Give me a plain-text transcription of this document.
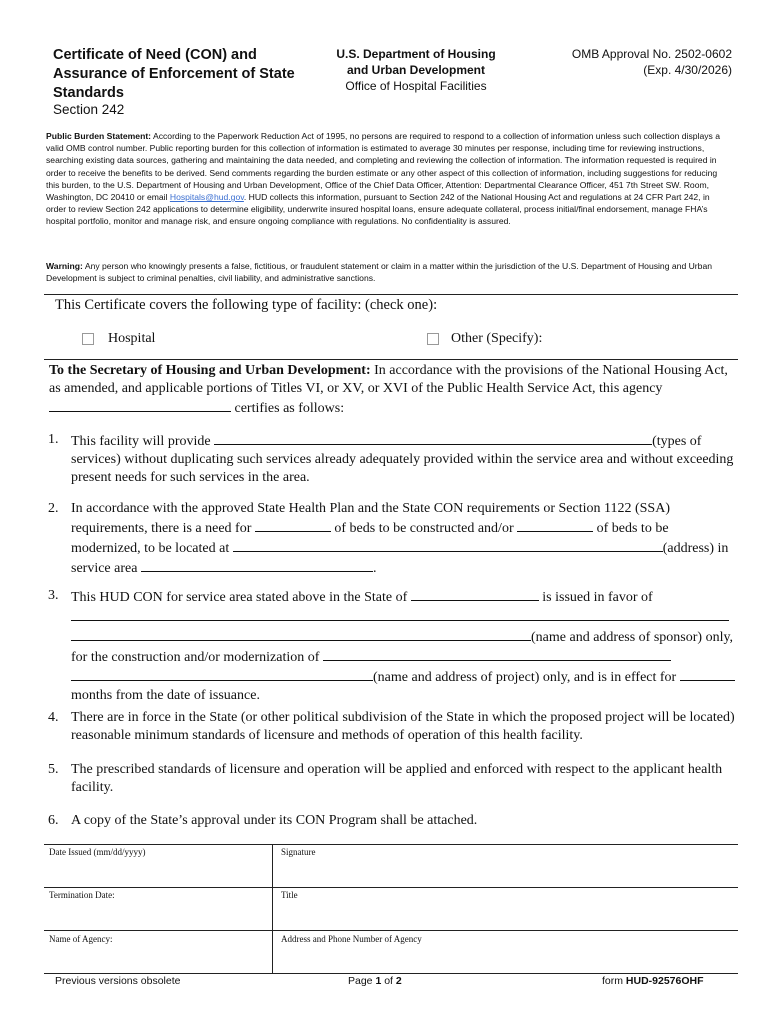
Certificate of Need (CON) and Assurance of Enforcement of State Standards
Section 242
U.S. Department of Housing
and Urban Development
Office of Hospital Facilities
OMB Approval No. 2502-0602
(Exp. 4/30/2026)
Public Burden Statement: According to the Paperwork Reduction Act of 1995, no persons are required to respond to a collection of information unless such collection displays a valid OMB control number. Public reporting burden for this collection of information is estimated to average 30 minutes per response, including time for reviewing instructions, searching existing data sources, gathering and maintaining the data needed, and completing and reviewing the collection of information. The information requested is required in order to receive the benefits to be derived. Send comments regarding the burden estimate or any other aspect of this collection of information, including suggestions for reducing this burden, to the U.S. Department of Housing and Urban Development, Office of the Chief Data Officer, Attention: Departmental Clearance Officer, 451 7th Street SW. Room, Washington, DC 20410 or email Hospitals@hud.gov. HUD collects this information, pursuant to Section 242 of the National Housing Act and regulations at 24 CFR Part 242, in order to review Section 242 applications to determine eligibility, underwrite insured hospital loans, ensure adequate collateral, process initial/final endorsement, manage FHA’s hospital portfolio, monitor and manage risk, and ensure ongoing compliance with regulations. No confidentiality is assured.
Warning: Any person who knowingly presents a false, fictitious, or fraudulent statement or claim in a matter within the jurisdiction of the U.S. Department of Housing and Urban Development is subject to criminal penalties, civil liability, and administrative sanctions.
This Certificate covers the following type of facility: (check one):
Hospital	Other (Specify):
To the Secretary of Housing and Urban Development: In accordance with the provisions of the National Housing Act, as amended, and applicable portions of Titles VI, or XV, or XVI of the Public Health Service Act, this agency  certifies as follows:
1. This facility will provide	(types of services) without duplicating such services already adequately provided within the service area and without exceeding present needs for such services in the area.
2. In accordance with the approved State Health Plan and the State CON requirements or Section 1122 (SSA) requirements, there is a need for	of beds to be constructed and/or	of beds to be modernized, to be located at	(address) in service area	.
3. This HUD CON for service area stated above in the State of	is issued in favor of  (name and address of sponsor) only, for the construction and/or modernization of  (name and address of project) only, and is in effect for  months from the date of issuance.
4. There are in force in the State (or other political subdivision of the State in which the proposed project will be located) reasonable minimum standards of licensure and methods of operation of this health facility.
5. The prescribed standards of licensure and operation will be applied and enforced with respect to the applicant health facility.
6. A copy of the State’s approval under its CON Program shall be attached.
Date Issued (mm/dd/yyyy)	Signature
Termination Date:	Title
Name of Agency:	Address and Phone Number of Agency
Previous versions obsolete	Page 1 of 2	form HUD-92576OHF
